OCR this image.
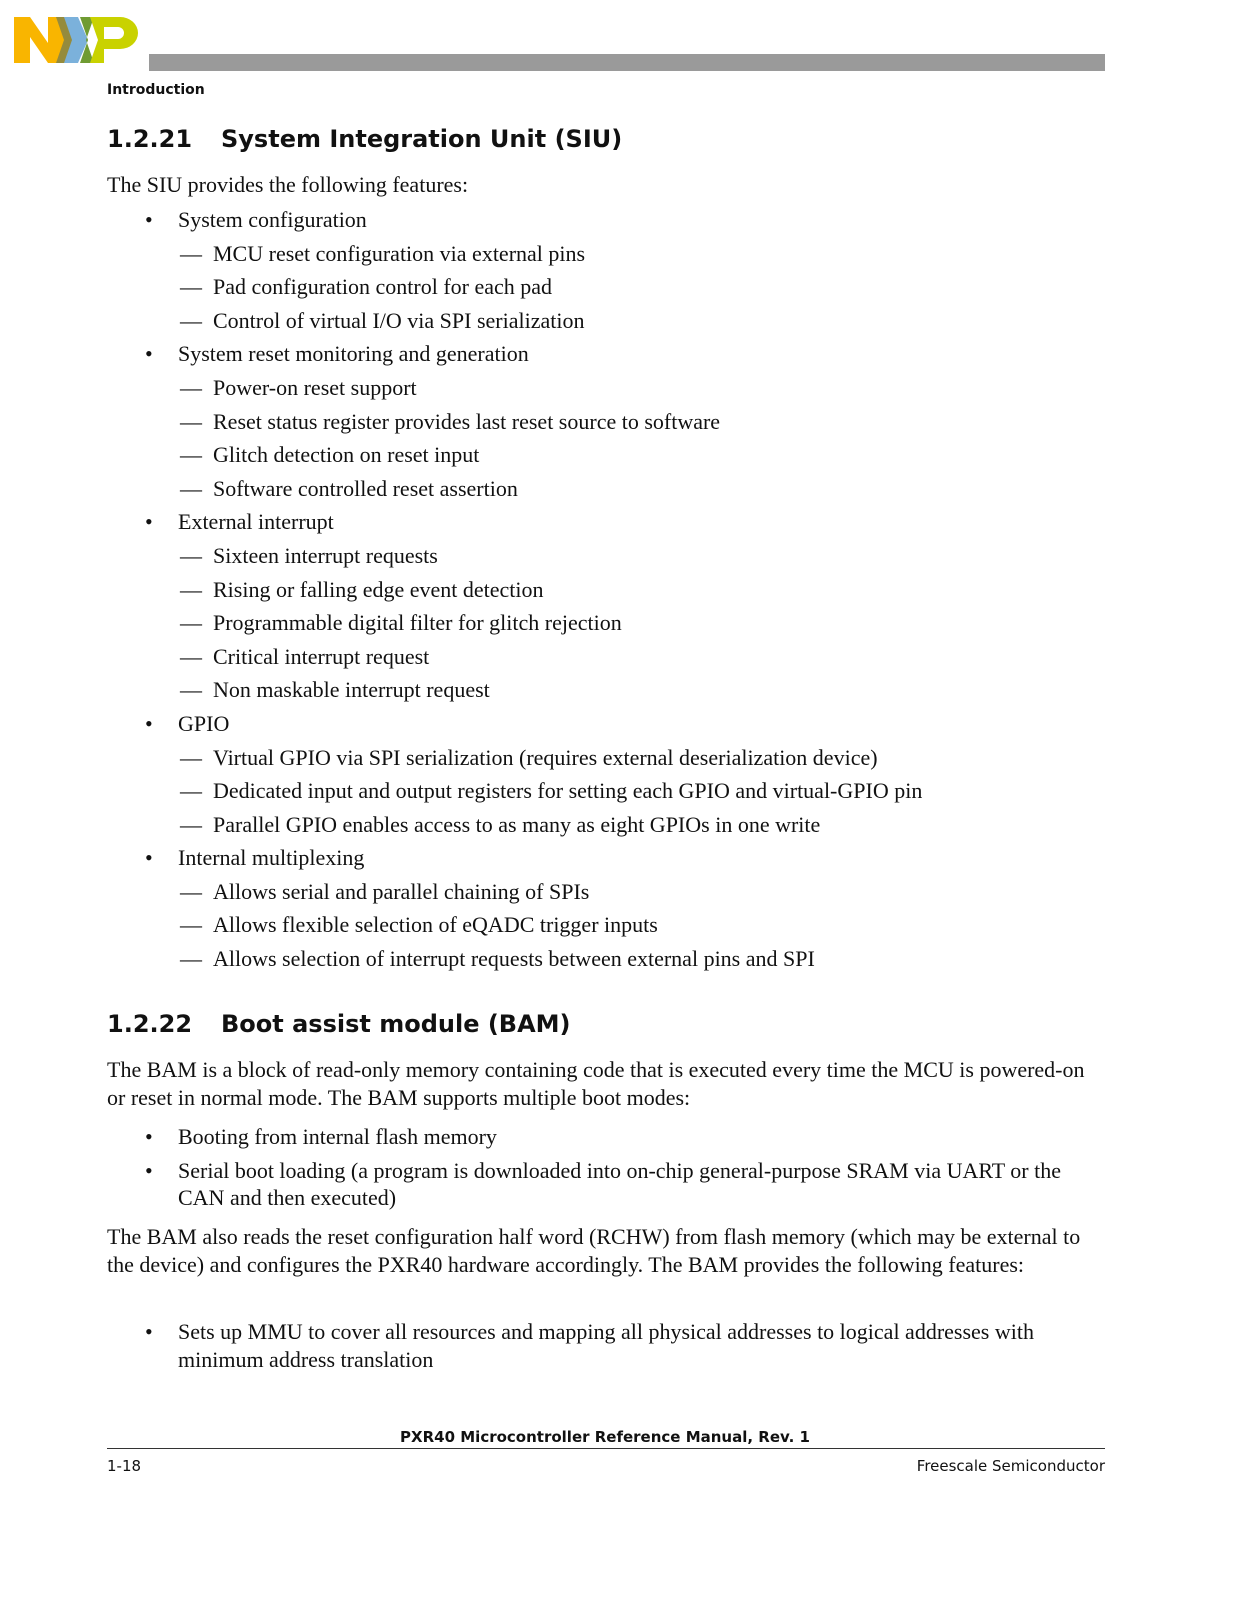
Introduction
1.2.21 System Integration Unit (SIU)
The SIU provides the following features:
• System configuration
— MCU reset configuration via external pins
— Pad configuration control for each pad
— Control of virtual I/O via SPI serialization
• System reset monitoring and generation
— Power-on reset support
— Reset status register provides last reset source to software
— Glitch detection on reset input
— Software controlled reset assertion
• External interrupt
— Sixteen interrupt requests
— Rising or falling edge event detection
— Programmable digital filter for glitch rejection
— Critical interrupt request
— Non maskable interrupt request
• GPIO
— Virtual GPIO via SPI serialization (requires external deserialization device)
— Dedicated input and output registers for setting each GPIO and virtual-GPIO pin
— Parallel GPIO enables access to as many as eight GPIOs in one write
• Internal multiplexing
— Allows serial and parallel chaining of SPIs
— Allows flexible selection of eQADC trigger inputs
— Allows selection of interrupt requests between external pins and SPI
1.2.22 Boot assist module (BAM)
The BAM is a block of read-only memory containing code that is executed every time the MCU is powered-on or reset in normal mode. The BAM supports multiple boot modes:
• Booting from internal flash memory
• Serial boot loading (a program is downloaded into on-chip general-purpose SRAM via UART or the CAN and then executed)
The BAM also reads the reset configuration half word (RCHW) from flash memory (which may be external to the device) and configures the PXR40 hardware accordingly. The BAM provides the following features:
• Sets up MMU to cover all resources and mapping all physical addresses to logical addresses with minimum address translation
PXR40 Microcontroller Reference Manual, Rev. 1
1-18	Freescale Semiconductor
